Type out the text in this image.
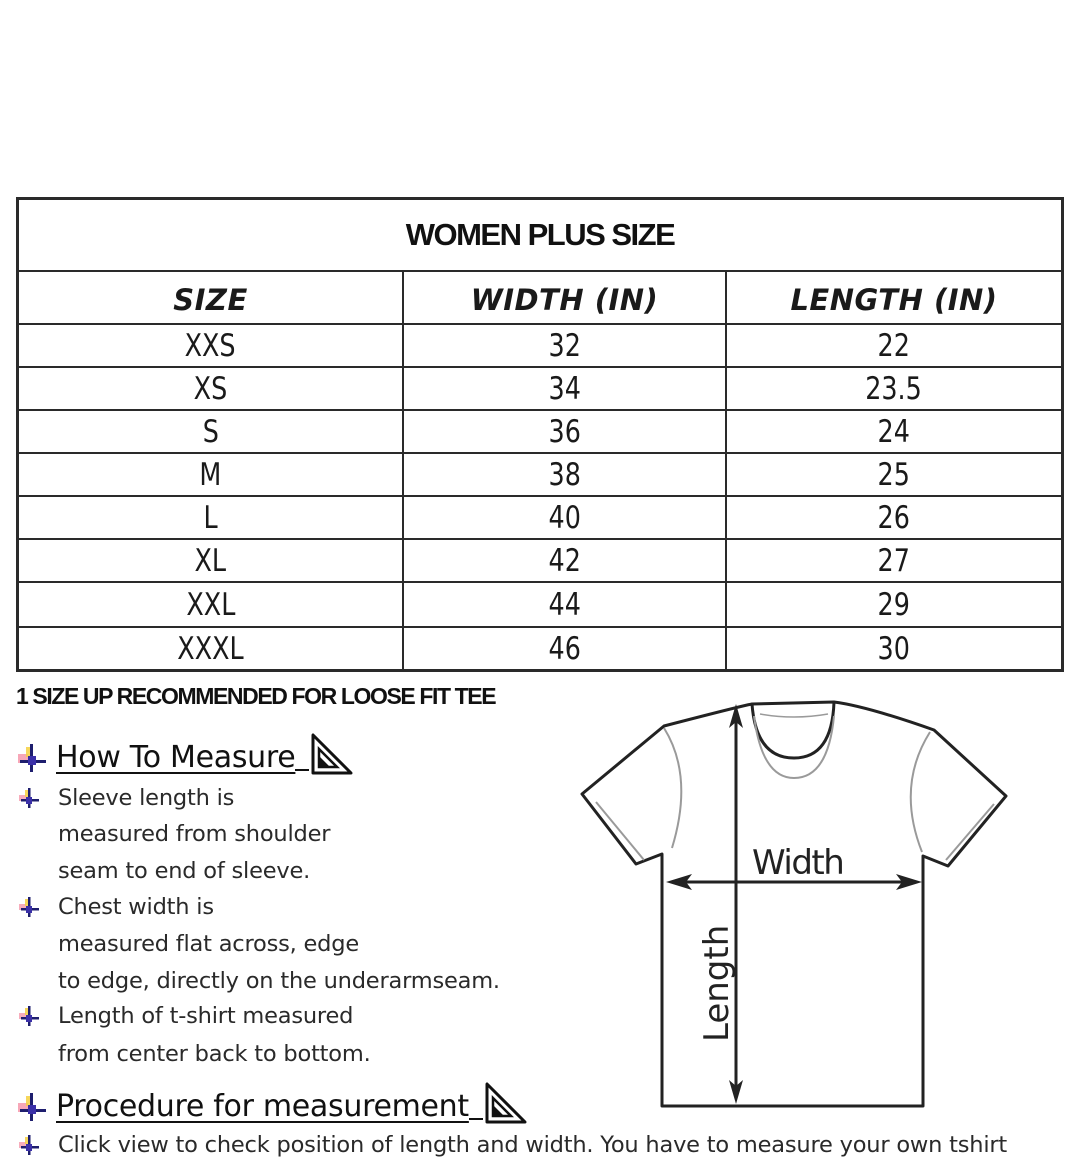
WOMEN PLUS SIZE		
SIZE	WIDTH (IN)	LENGTH (IN)
XXS	32	22
XS	34	23.5
S	36	24
M	38	25
L	40	26
XL	42	27
XXL	44	29
XXXL	46	30
1 SIZE UP RECOMMENDED FOR LOOSE FIT TEE
How To Measure
Sleeve length is
measured from shoulder
seam to end of sleeve.
Chest width is
measured flat across, edge
to edge, directly on the underarmseam.
Length of t-shirt measured
from center back to bottom.
Procedure for measurement
Click view to check position of length and width. You have to measure your own tshirt
Width
Length
